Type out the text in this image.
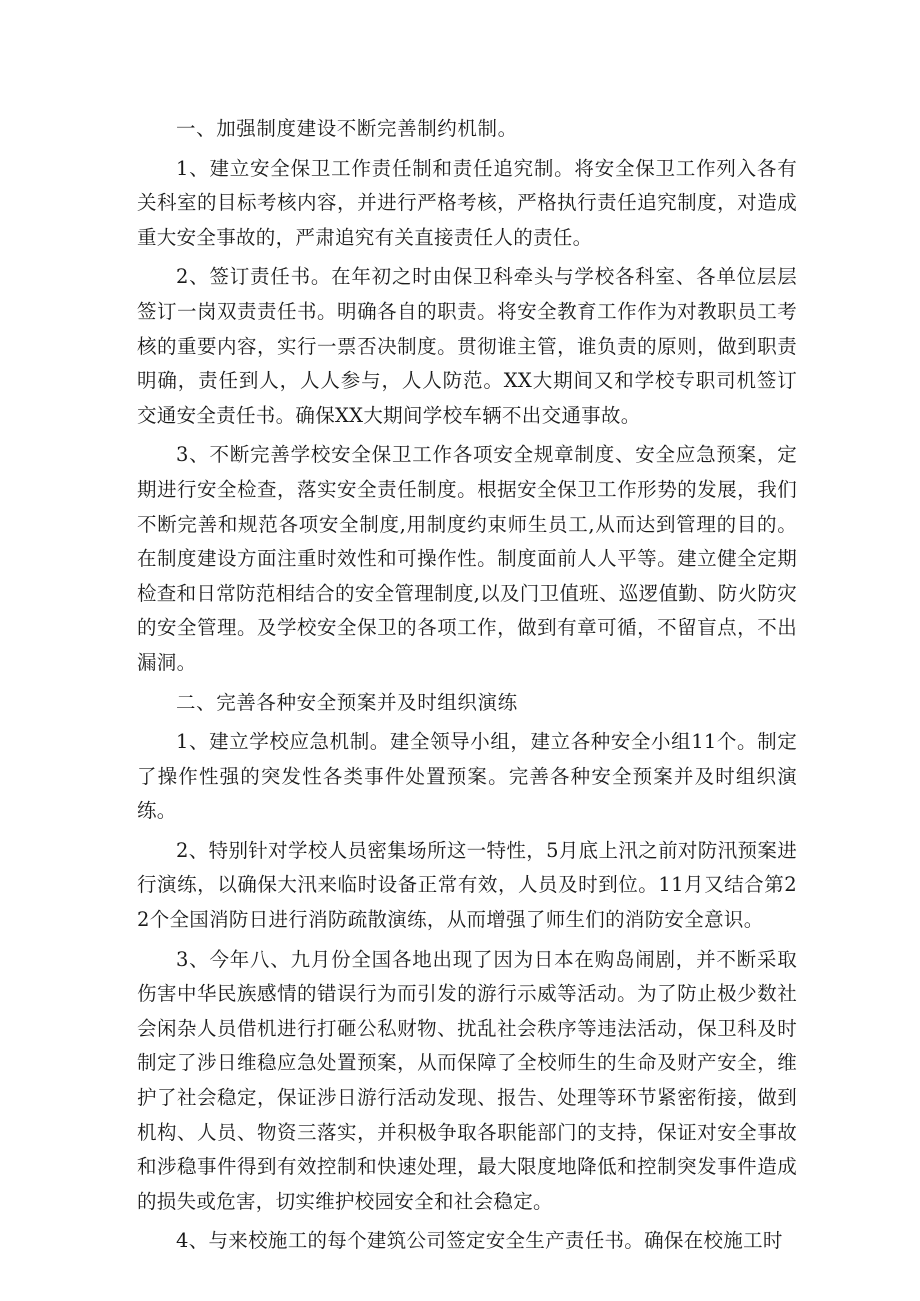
一、加强制度建设不断完善制约机制。

1、建立安全保卫工作责任制和责任追究制。将安全保卫工作列入各有关科室的目标考核内容，并进行严格考核，严格执行责任追究制度，对造成重大安全事故的，严肃追究有关直接责任人的责任。

2、签订责任书。在年初之时由保卫科牵头与学校各科室、各单位层层签订一岗双责责任书。明确各自的职责。将安全教育工作作为对教职员工考核的重要内容，实行一票否决制度。贯彻谁主管，谁负责的原则，做到职责明确，责任到人，人人参与，人人防范。XX大期间又和学校专职司机签订交通安全责任书。确保XX大期间学校车辆不出交通事故。

3、不断完善学校安全保卫工作各项安全规章制度、安全应急预案，定期进行安全检查，落实安全责任制度。根据安全保卫工作形势的发展，我们不断完善和规范各项安全制度,用制度约束师生员工,从而达到管理的目的。在制度建设方面注重时效性和可操作性。制度面前人人平等。建立健全定期检查和日常防范相结合的安全管理制度,以及门卫值班、巡逻值勤、防火防灾的安全管理。及学校安全保卫的各项工作，做到有章可循，不留盲点，不出漏洞。

二、完善各种安全预案并及时组织演练

1、建立学校应急机制。建全领导小组，建立各种安全小组11个。制定了操作性强的突发性各类事件处置预案。完善各种安全预案并及时组织演练。

2、特别针对学校人员密集场所这一特性，5月底上汛之前对防汛预案进行演练，以确保大汛来临时设备正常有效，人员及时到位。11月又结合第22个全国消防日进行消防疏散演练，从而增强了师生们的消防安全意识。

3、今年八、九月份全国各地出现了因为日本在购岛闹剧，并不断采取伤害中华民族感情的错误行为而引发的游行示威等活动。为了防止极少数社会闲杂人员借机进行打砸公私财物、扰乱社会秩序等违法活动，保卫科及时制定了涉日维稳应急处置预案，从而保障了全校师生的生命及财产安全，维护了社会稳定，保证涉日游行活动发现、报告、处理等环节紧密衔接，做到机构、人员、物资三落实，并积极争取各职能部门的支持，保证对安全事故和涉稳事件得到有效控制和快速处理，最大限度地降低和控制突发事件造成的损失或危害，切实维护校园安全和社会稳定。

4、与来校施工的每个建筑公司签定安全生产责任书。确保在校施工时
